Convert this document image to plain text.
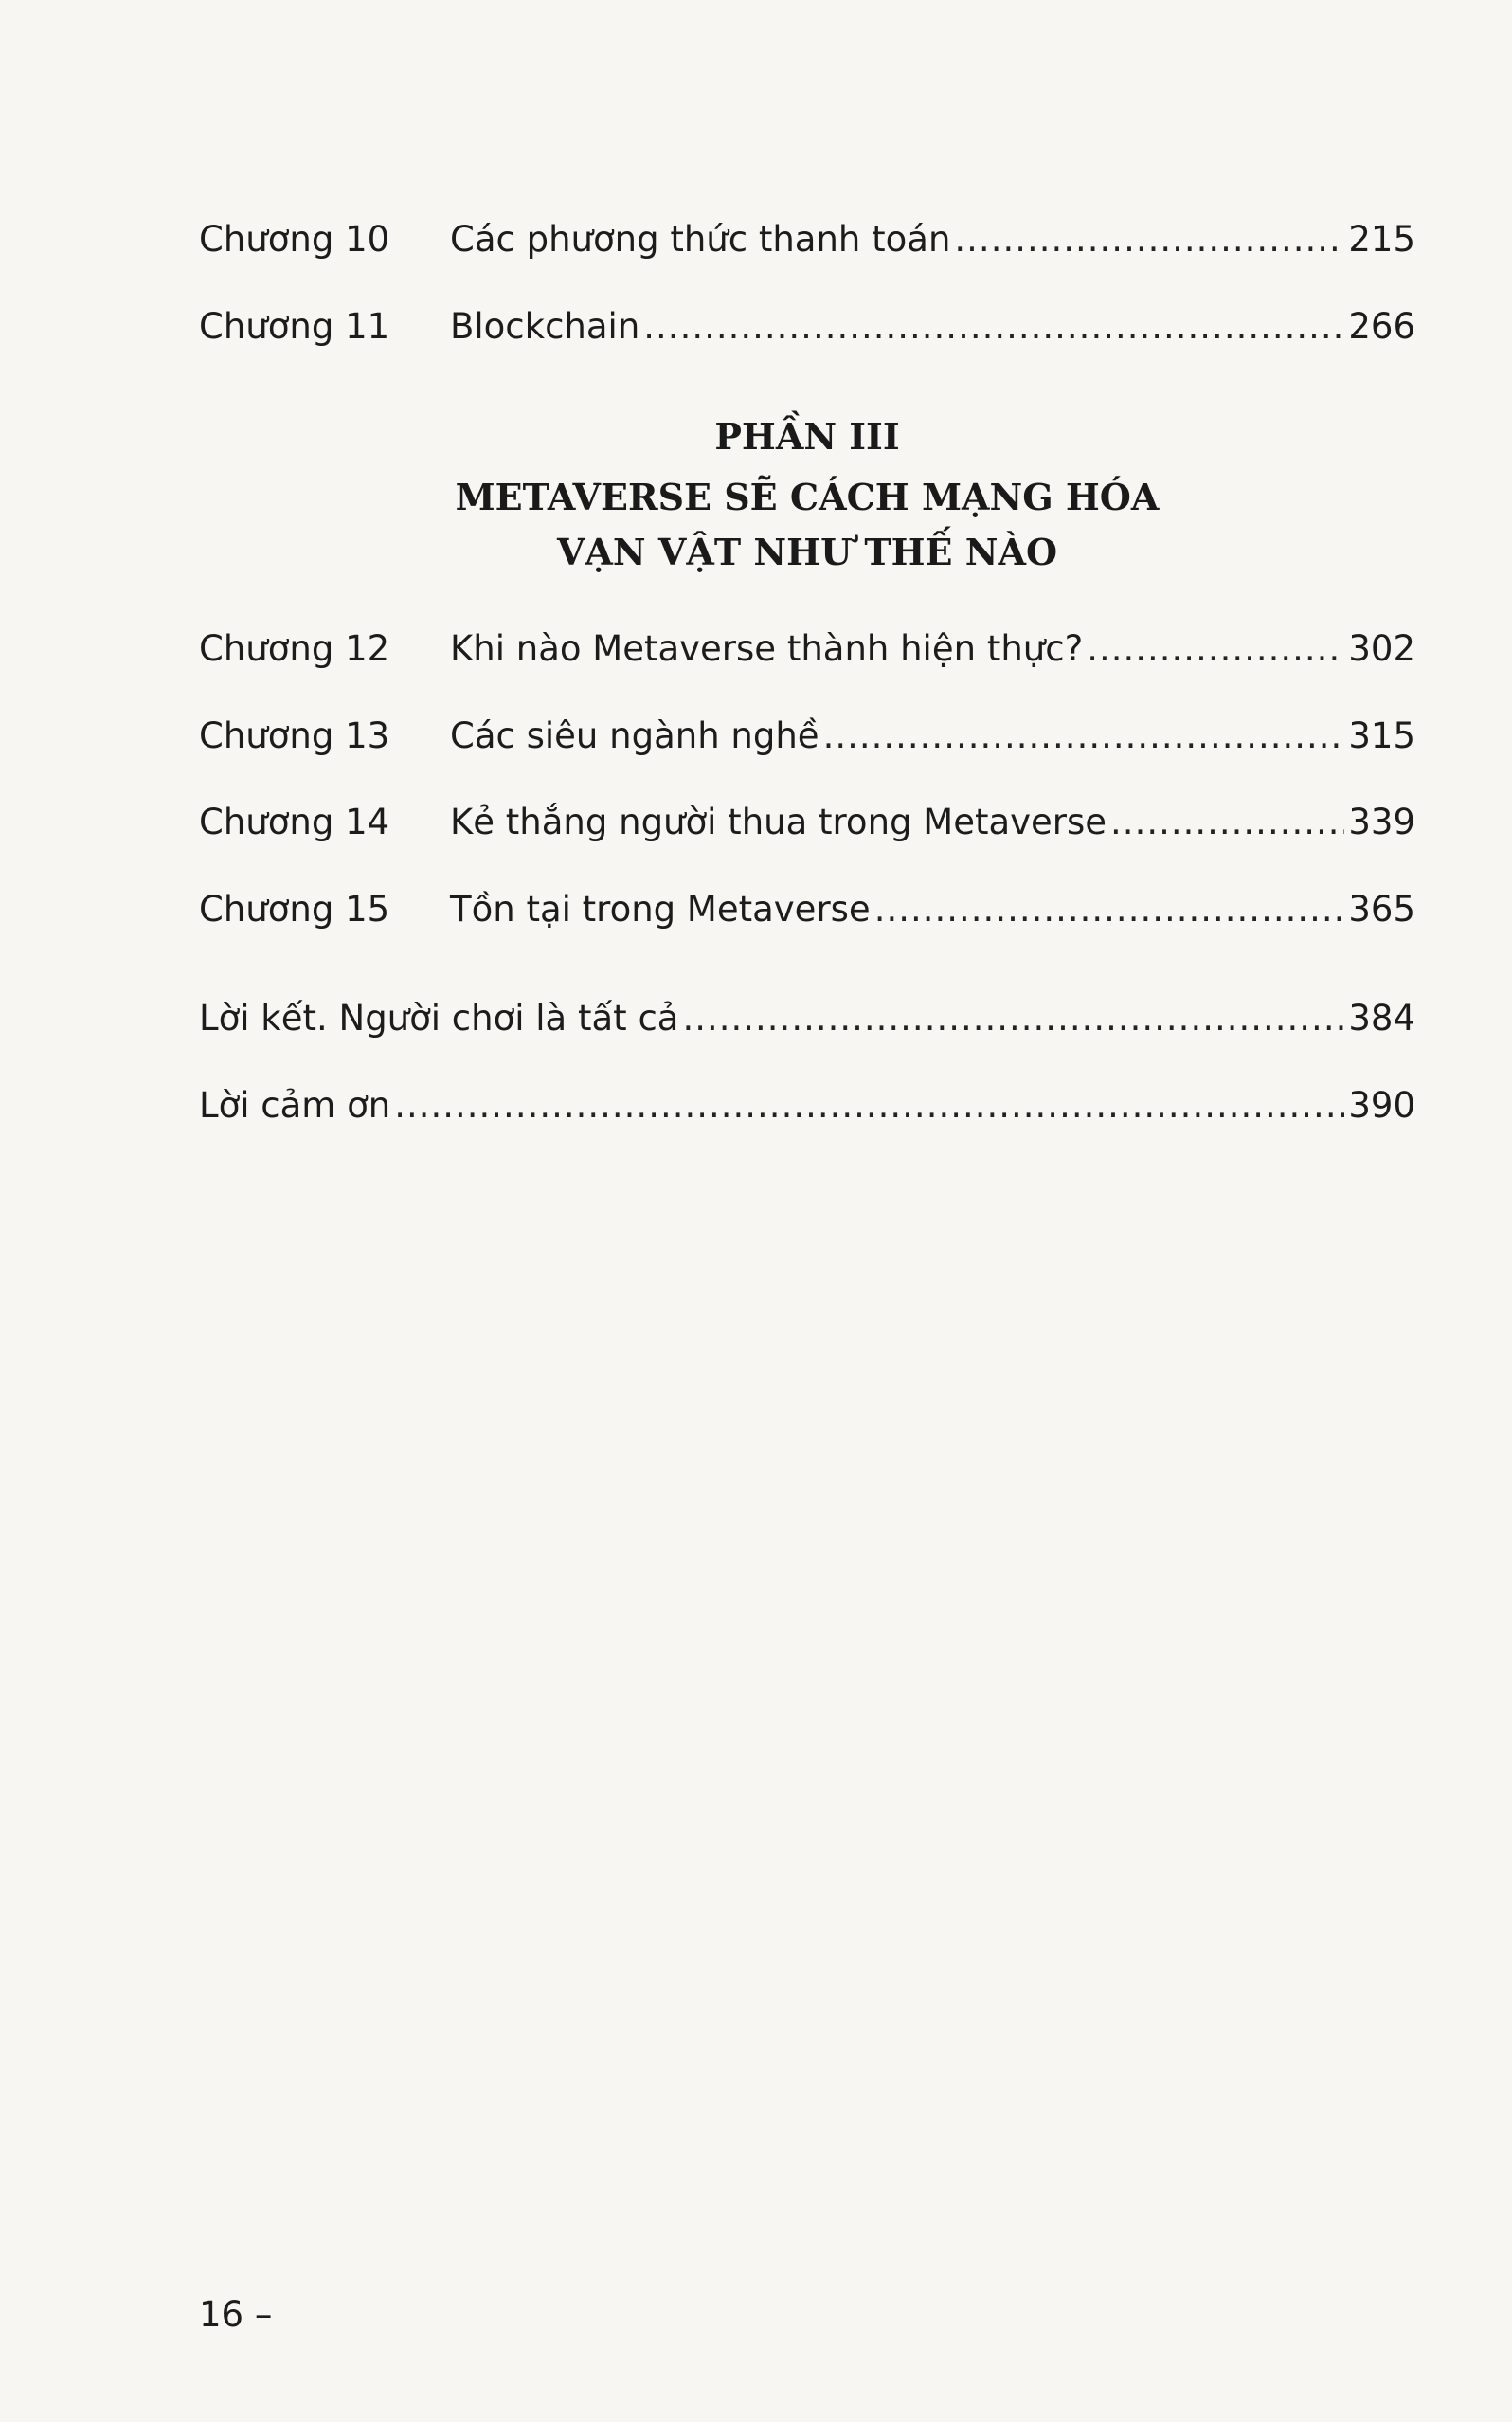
Chương 10	Các phương thức thanh toán .....	215
Chương 11	Blockchain .....	266
PHẦN III
METAVERSE SẼ CÁCH MẠNG HÓA
VẠN VẬT NHƯ THẾ NÀO
Chương 12	Khi nào Metaverse thành hiện thực? .....	302
Chương 13	Các siêu ngành nghề .....	315
Chương 14	Kẻ thắng người thua trong Metaverse .....	339
Chương 15	Tồn tại trong Metaverse .....	365
Lời kết. Người chơi là tất cả .....	384
Lời cảm ơn .....	390
16 –
